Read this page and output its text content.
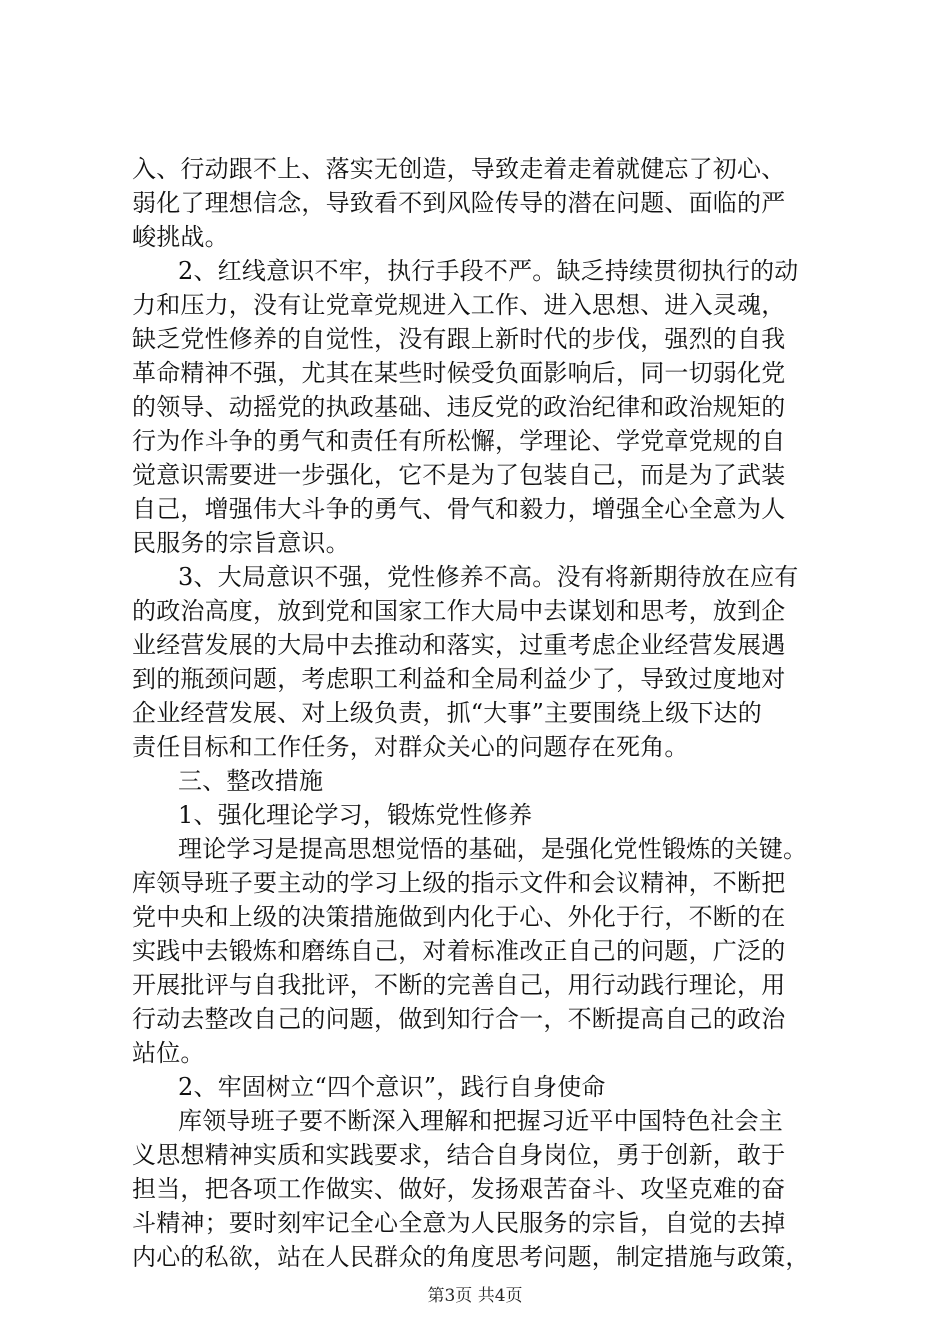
入、行动跟不上、落实无创造，导致走着走着就健忘了初心、
弱化了理想信念，导致看不到风险传导的潜在问题、面临的严
峻挑战。
2、红线意识不牢，执行手段不严。缺乏持续贯彻执行的动
力和压力，没有让党章党规进入工作、进入思想、进入灵魂，
缺乏党性修养的自觉性，没有跟上新时代的步伐，强烈的自我
革命精神不强，尤其在某些时候受负面影响后，同一切弱化党
的领导、动摇党的执政基础、违反党的政治纪律和政治规矩的
行为作斗争的勇气和责任有所松懈，学理论、学党章党规的自
觉意识需要进一步强化，它不是为了包装自己，而是为了武装
自己，增强伟大斗争的勇气、骨气和毅力，增强全心全意为人
民服务的宗旨意识。
3、大局意识不强，党性修养不高。没有将新期待放在应有
的政治高度，放到党和国家工作大局中去谋划和思考，放到企
业经营发展的大局中去推动和落实，过重考虑企业经营发展遇
到的瓶颈问题，考虑职工利益和全局利益少了，导致过度地对
企业经营发展、对上级负责，抓“大事”主要围绕上级下达的
责任目标和工作任务，对群众关心的问题存在死角。
三、整改措施
1、强化理论学习，锻炼党性修养
理论学习是提高思想觉悟的基础，是强化党性锻炼的关键。
库领导班子要主动的学习上级的指示文件和会议精神，不断把
党中央和上级的决策措施做到内化于心、外化于行，不断的在
实践中去锻炼和磨练自己，对着标准改正自己的问题，广泛的
开展批评与自我批评，不断的完善自己，用行动践行理论，用
行动去整改自己的问题，做到知行合一，不断提高自己的政治
站位。
2、牢固树立“四个意识”，践行自身使命
库领导班子要不断深入理解和把握习近平中国特色社会主
义思想精神实质和实践要求，结合自身岗位，勇于创新，敢于
担当，把各项工作做实、做好，发扬艰苦奋斗、攻坚克难的奋
斗精神；要时刻牢记全心全意为人民服务的宗旨，自觉的去掉
内心的私欲，站在人民群众的角度思考问题，制定措施与政策，
第3页 共4页
